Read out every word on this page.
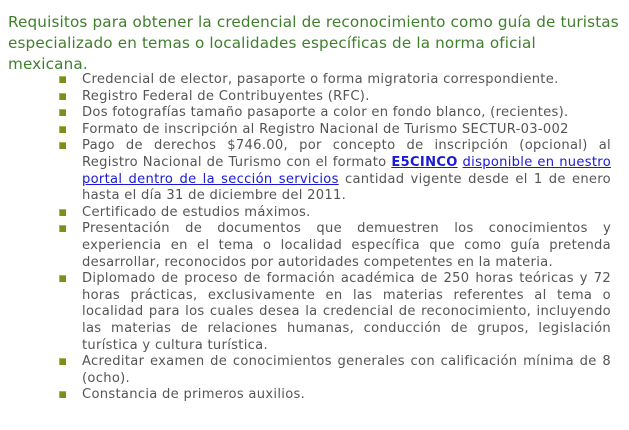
Requisitos para obtener la credencial de reconocimiento como guía de turistas especializado en temas o localidades específicas de la norma oficial mexicana.
Credencial de elector, pasaporte o forma migratoria correspondiente.
Registro Federal de Contribuyentes (RFC).
Dos fotografías tamaño pasaporte a color en fondo blanco, (recientes).
Formato de inscripción al Registro Nacional de Turismo SECTUR-03-002
Pago de derechos $746.00, por concepto de inscripción (opcional) al Registro Nacional de Turismo con el formato E5CINCO disponible en nuestro portal dentro de la sección servicios cantidad vigente desde el 1 de enero hasta el día 31 de diciembre del 2011.
Certificado de estudios máximos.
Presentación de documentos que demuestren los conocimientos y experiencia en el tema o localidad específica que como guía pretenda desarrollar, reconocidos por autoridades competentes en la materia.
Diplomado de proceso de formación académica de 250 horas teóricas y 72 horas prácticas, exclusivamente en las materias referentes al tema o localidad para los cuales desea la credencial de reconocimiento, incluyendo las materias de relaciones humanas, conducción de grupos, legislación turística y cultura turística.
Acreditar examen de conocimientos generales con calificación mínima de 8 (ocho).
Constancia de primeros auxilios.
